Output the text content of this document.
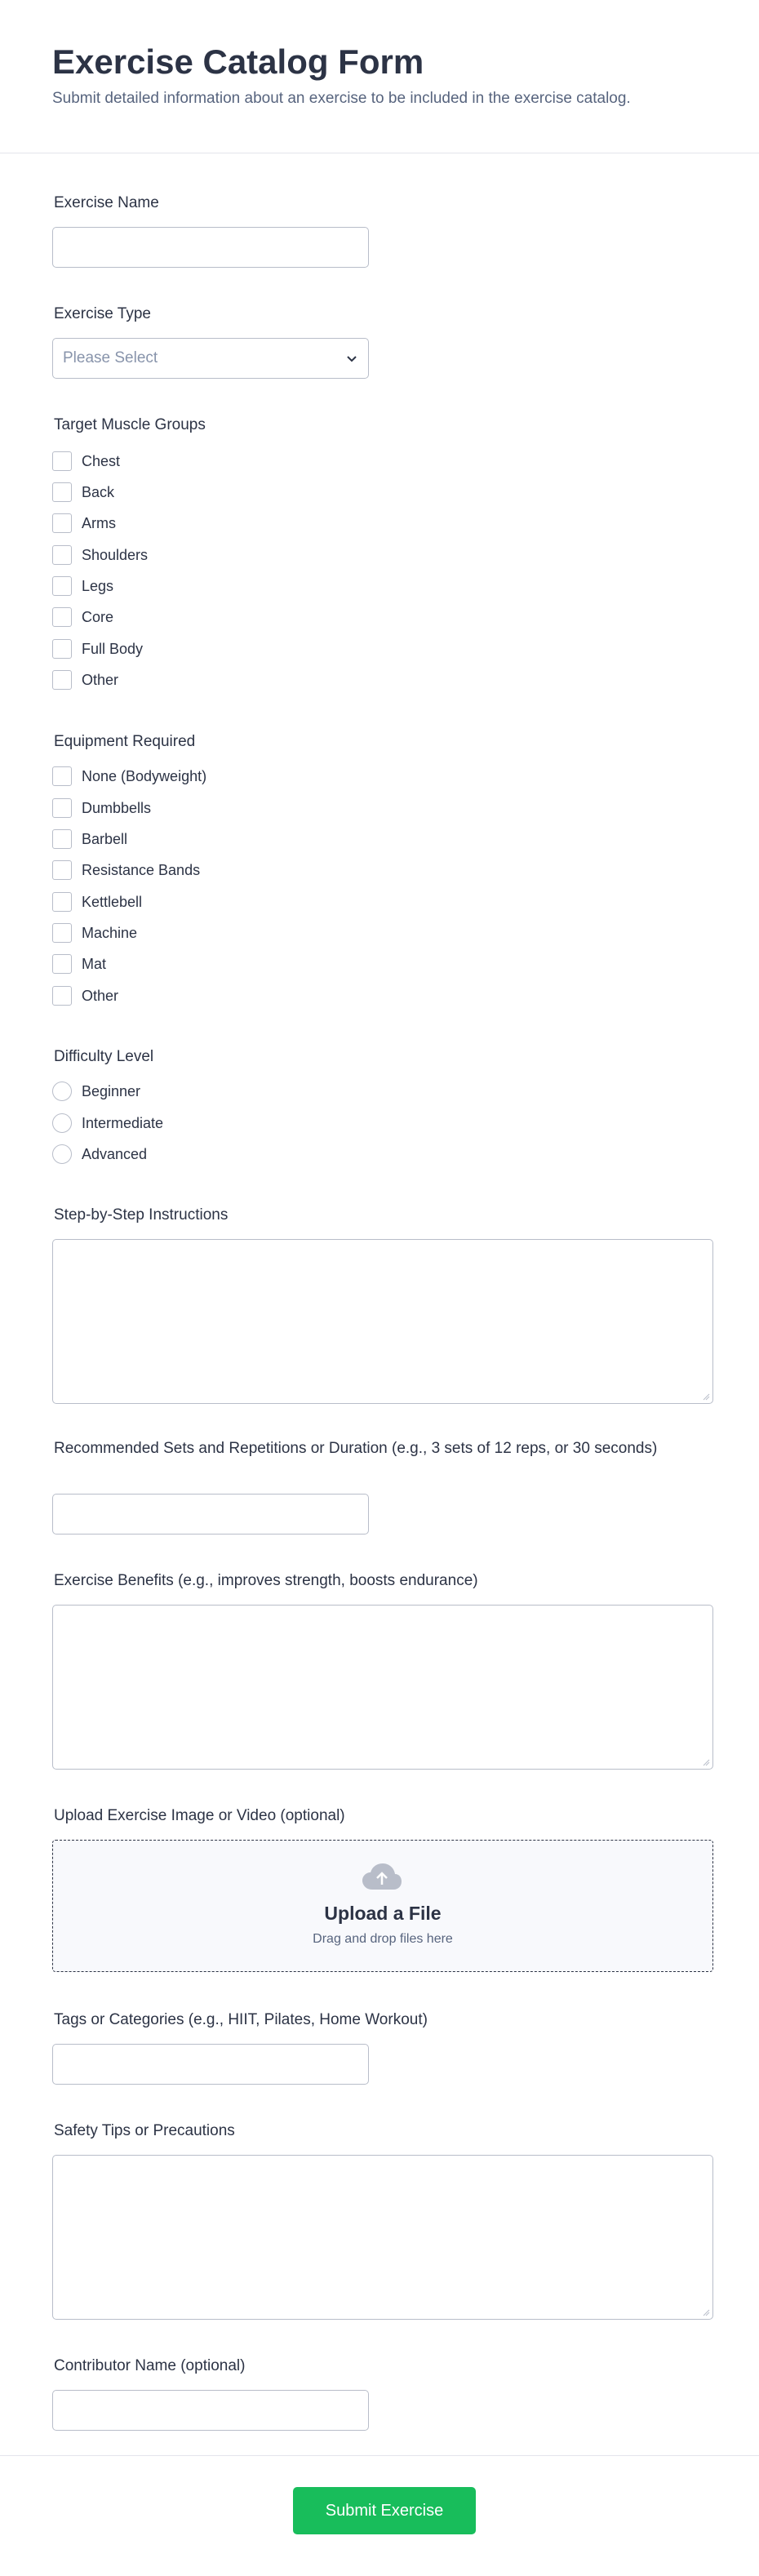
Exercise Catalog Form

Submit detailed information about an exercise to be included in the exercise catalog.

Exercise Name
Exercise Type
Please Select
Target Muscle Groups
Chest
Back
Arms
Shoulders
Legs
Core
Full Body
Other
Equipment Required
None (Bodyweight)
Dumbbells
Barbell
Resistance Bands
Kettlebell
Machine
Mat
Other
Difficulty Level
Beginner
Intermediate
Advanced
Step-by-Step Instructions
Recommended Sets and Repetitions or Duration (e.g., 3 sets of 12 reps, or 30 seconds)
Exercise Benefits (e.g., improves strength, boosts endurance)
Upload Exercise Image or Video (optional)
Upload a File
Drag and drop files here
Tags or Categories (e.g., HIIT, Pilates, Home Workout)
Safety Tips or Precautions
Contributor Name (optional)
Submit Exercise
